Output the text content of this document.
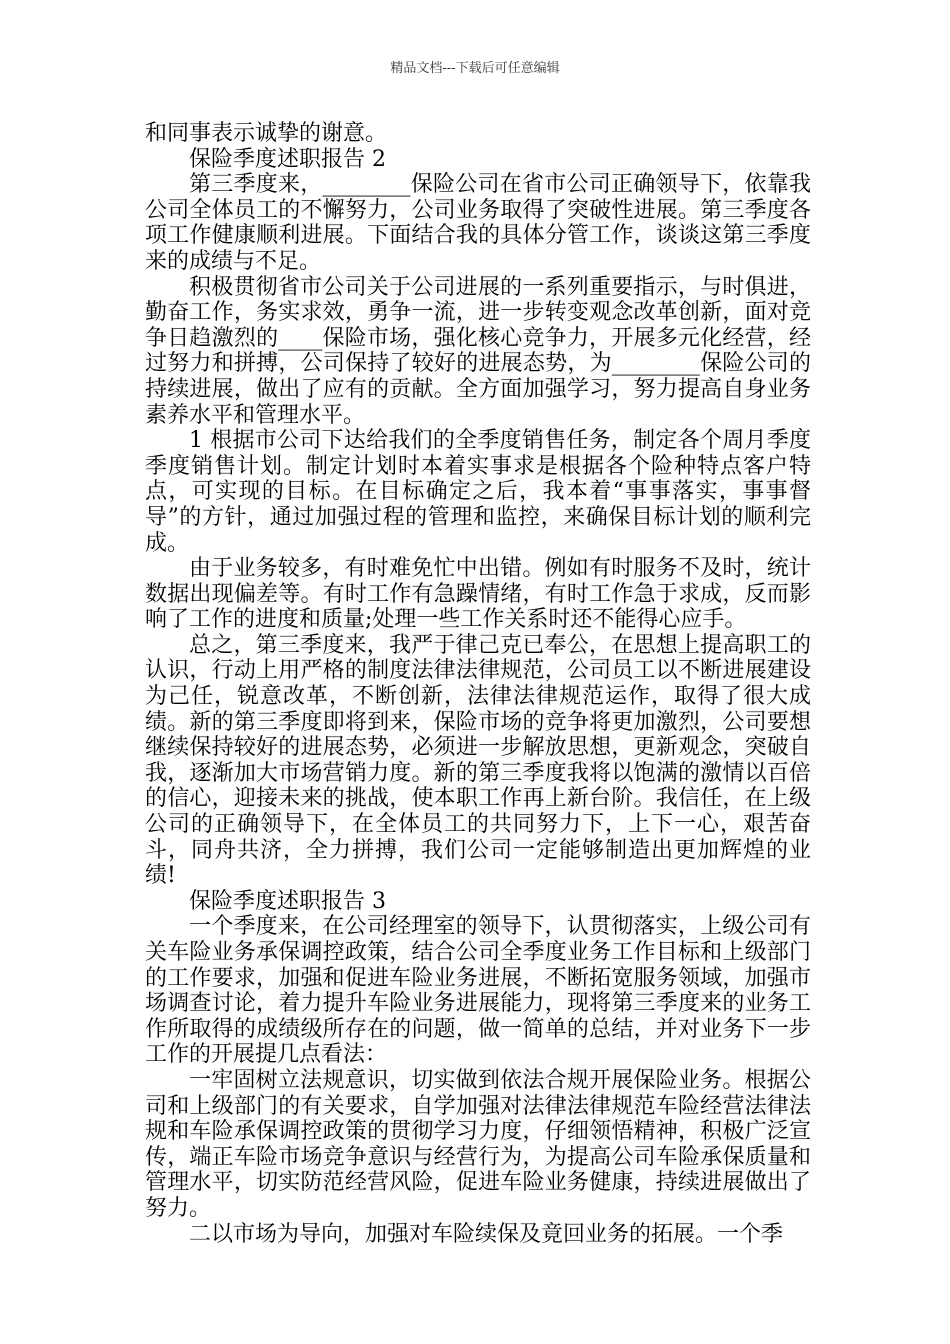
精品文档---下载后可任意编辑

和同事表示诚挚的谢意。

保险季度述职报告 2

第三季度来，________保险公司在省市公司正确领导下，依靠我公司全体员工的不懈努力，公司业务取得了突破性进展。第三季度各项工作健康顺利进展。下面结合我的具体分管工作，谈谈这第三季度来的成绩与不足。

积极贯彻省市公司关于公司进展的一系列重要指示，与时俱进，勤奋工作，务实求效，勇争一流，进一步转变观念改革创新，面对竞争日趋激烈的____保险市场，强化核心竞争力，开展多元化经营，经过努力和拼搏，公司保持了较好的进展态势，为________保险公司的持续进展，做出了应有的贡献。全方面加强学习，努力提高自身业务素养水平和管理水平。

1 根据市公司下达给我们的全季度销售任务，制定各个周月季度季度销售计划。制定计划时本着实事求是根据各个险种特点客户特点，可实现的目标。在目标确定之后，我本着“事事落实，事事督导”的方针，通过加强过程的管理和监控，来确保目标计划的顺利完成。

由于业务较多，有时难免忙中出错。例如有时服务不及时，统计数据出现偏差等。有时工作有急躁情绪，有时工作急于求成，反而影响了工作的进度和质量;处理一些工作关系时还不能得心应手。

总之，第三季度来，我严于律己克已奉公，在思想上提高职工的认识，行动上用严格的制度法律法律规范，公司员工以不断进展建设为己任，锐意改革，不断创新，法律法律规范运作，取得了很大成绩。新的第三季度即将到来，保险市场的竞争将更加激烈，公司要想继续保持较好的进展态势，必须进一步解放思想，更新观念，突破自我，逐渐加大市场营销力度。新的第三季度我将以饱满的激情以百倍的信心，迎接未来的挑战，使本职工作再上新台阶。我信任，在上级公司的正确领导下，在全体员工的共同努力下，上下一心，艰苦奋斗，同舟共济，全力拼搏，我们公司一定能够制造出更加辉煌的业绩!

保险季度述职报告 3

一个季度来，在公司经理室的领导下，认贯彻落实，上级公司有关车险业务承保调控政策，结合公司全季度业务工作目标和上级部门的工作要求，加强和促进车险业务进展，不断拓宽服务领域，加强市场调查讨论，着力提升车险业务进展能力，现将第三季度来的业务工作所取得的成绩级所存在的问题，做一简单的总结，并对业务下一步工作的开展提几点看法：

一牢固树立法规意识，切实做到依法合规开展保险业务。根据公司和上级部门的有关要求，自学加强对法律法律规范车险经营法律法规和车险承保调控政策的贯彻学习力度，仔细领悟精神，积极广泛宣传，端正车险市场竞争意识与经营行为，为提高公司车险承保质量和管理水平，切实防范经营风险，促进车险业务健康，持续进展做出了努力。

二以市场为导向，加强对车险续保及竟回业务的拓展。一个季
